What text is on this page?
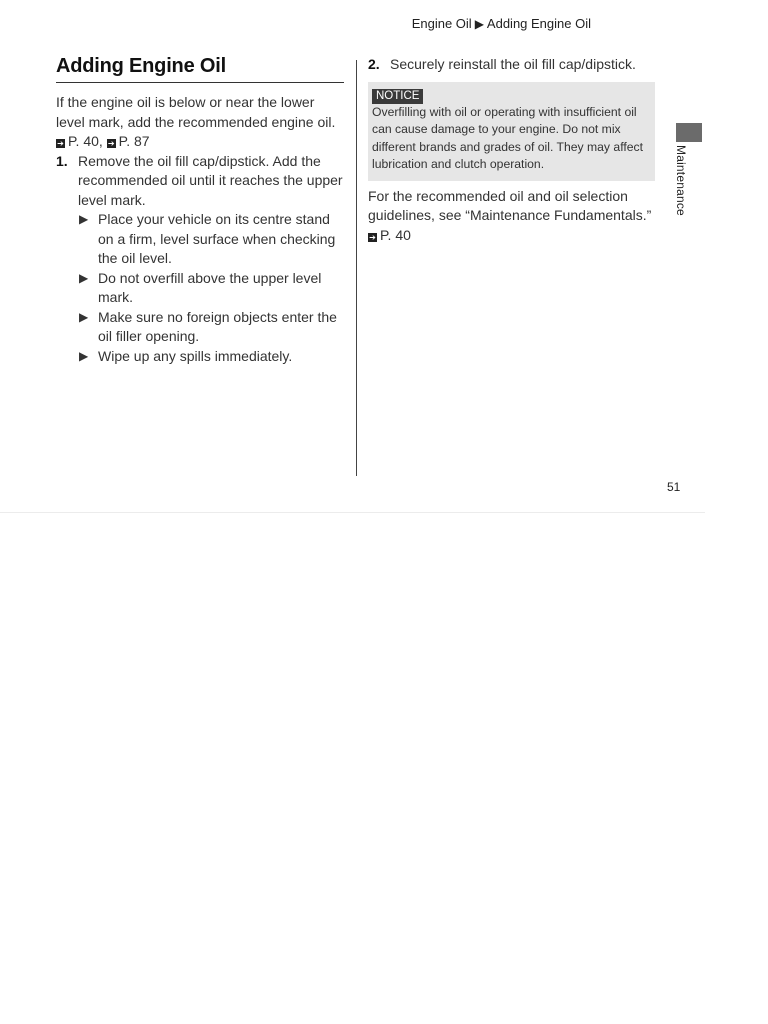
Engine Oil ▶ Adding Engine Oil
Maintenance
Adding Engine Oil
If the engine oil is below or near the lower level mark, add the recommended engine oil.
➔ P. 40, ➔ P. 87
1. Remove the oil fill cap/dipstick. Add the recommended oil until it reaches the upper level mark.
▶ Place your vehicle on its centre stand on a firm, level surface when checking the oil level.
▶ Do not overfill above the upper level mark.
▶ Make sure no foreign objects enter the oil filler opening.
▶ Wipe up any spills immediately.
2. Securely reinstall the oil fill cap/dipstick.
NOTICE
Overfilling with oil or operating with insufficient oil can cause damage to your engine. Do not mix different brands and grades of oil. They may affect lubrication and clutch operation.
For the recommended oil and oil selection guidelines, see “Maintenance Fundamentals.”
➔ P. 40
51
